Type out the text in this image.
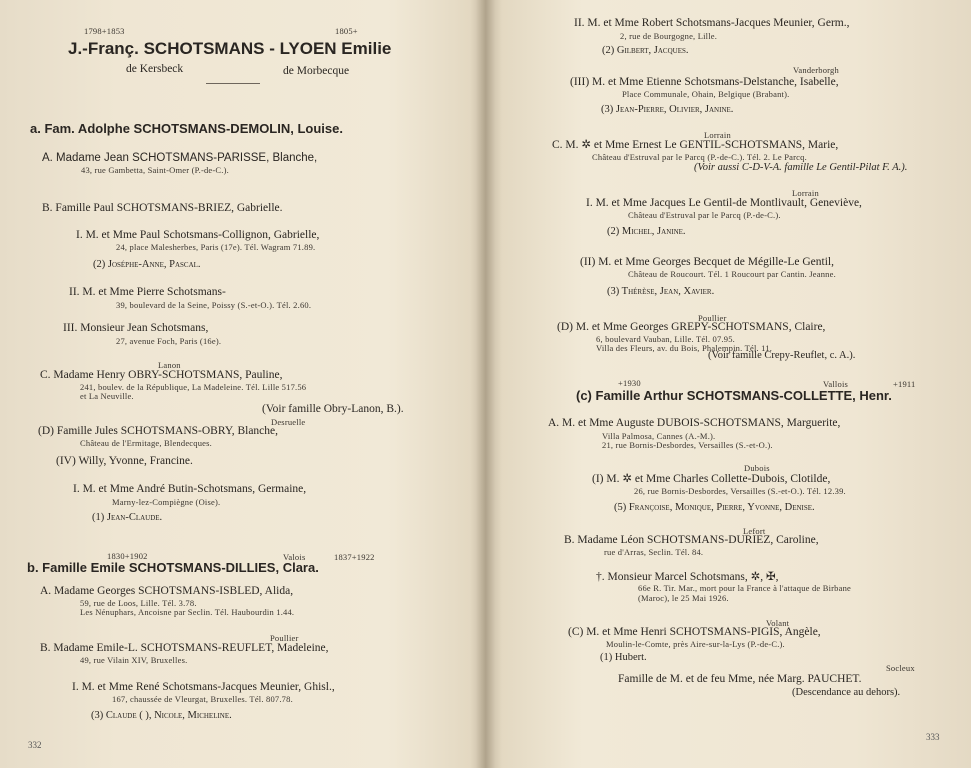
1798+1853	1805+
J.-Franç. SCHOTSMANS - LYOEN Emilie
de Kersbeck	de Morbecque
a. Fam. Adolphe SCHOTSMANS-DEMOLIN, Louise.
A. Madame Jean SCHOTSMANS-PARISSE, Blanche,
43, rue Gambetta, Saint-Omer (P.-de-C.).
B. Famille Paul SCHOTSMANS-BRIEZ, Gabrielle.
I. M. et Mme Paul Schotsmans-Collignon, Gabrielle,
24, place Malesherbes, Paris (17e). Tél. Wagram 71.89.
(2) Joséphe-Anne, Pascal.
II. M. et Mme Pierre Schotsmans-
39, boulevard de la Seine, Poissy (S.-et-O.). Tél. 2.60.
III. Monsieur Jean Schotsmans,
27, avenue Foch, Paris (16e).
Lanon
C. Madame Henry OBRY-SCHOTSMANS, Pauline,
241, boulev. de la République, La Madeleine. Tél. Lille 517.56
et La Neuville.
(Voir famille Obry-Lanon, B.).
Desruelle
(D) Famille Jules SCHOTSMANS-OBRY, Blanche,
Château de l'Ermitage, Blendecques.
(IV) Willy, Yvonne, Francine.
I. M. et Mme André Butin-Schotsmans, Germaine,
Marny-lez-Compiègne (Oise).
(1) Jean-Claude.
1830+1902	Valois	1837+1922
b. Famille Emile SCHOTSMANS-DILLIES, Clara.
A. Madame Georges SCHOTSMANS-ISBLED, Alida,
59, rue de Loos, Lille. Tél. 3.78.
Les Nénuphars, Ancoisne par Seclin. Tél. Haubourdin 1.44.
Poullier
B. Madame Emile-L. SCHOTSMANS-REUFLET, Madeleine,
49, rue Vilain XIV, Bruxelles.
I. M. et Mme René Schotsmans-Jacques Meunier, Ghisl.,
167, chaussée de Vleurgat, Bruxelles. Tél. 807.78.
(3) Claude ( ), Nicole, Micheline.
332
II. M. et Mme Robert Schotsmans-Jacques Meunier, Germ.,
2, rue de Bourgogne, Lille.
(2) Gilbert, Jacques.
Vanderborgh
(III) M. et Mme Etienne Schotsmans-Delstanche, Isabelle,
Place Communale, Ohain, Belgique (Brabant).
(3) Jean-Pierre, Olivier, Janine.
Lorrain
C. M. ✲ et Mme Ernest Le GENTIL-SCHOTSMANS, Marie,
Château d'Estruval par le Parcq (P.-de-C.). Tél. 2. Le Parcq.
(Voir aussi C-D-V-A. famille Le Gentil-Pilat F. A.).
Lorrain
I. M. et Mme Jacques Le Gentil-de Montlivault, Geneviève,
Château d'Estruval par le Parcq (P.-de-C.).
(2) Michel, Janine.
(II) M. et Mme Georges Becquet de Mégille-Le Gentil,
Château de Roucourt. Tél. 1 Roucourt par Cantin. Jeanne.
(3) Thérèse, Jean, Xavier.
Poullier
(D) M. et Mme Georges GREPY-SCHOTSMANS, Claire,
6, boulevard Vauban, Lille. Tél. 07.95.
Villa des Fleurs, av. du Bois, Phalempin. Tél. 11.
(Voir famille Crepy-Reuflet, c. A.).
+1930	Vallois	+1911
(c) Famille Arthur SCHOTSMANS-COLLETTE, Henr.
A. M. et Mme Auguste DUBOIS-SCHOTSMANS, Marguerite,
Villa Palmosa, Cannes (A.-M.).
21, rue Bornis-Desbordes, Versailles (S.-et-O.).
Dubois
(I) M. ✲ et Mme Charles Collette-Dubois, Clotilde,
26, rue Bornis-Desbordes, Versailles (S.-et-O.). Tél. 12.39.
(5) Françoise, Monique, Pierre, Yvonne, Denise.
Lefort
B. Madame Léon SCHOTSMANS-DURIEZ, Caroline,
rue d'Arras, Seclin. Tél. 84.
†. Monsieur Marcel Schotsmans, ✲, ✠,
66e R. Tir. Mar., mort pour la France à l'attaque de Birbane
(Maroc), le 25 Mai 1926.
Volant
(C) M. et Mme Henri SCHOTSMANS-PIGIS, Angèle,
Moulin-le-Comte, près Aire-sur-la-Lys (P.-de-C.).
(1) Hubert.
Socleux
Famille de M. et de feu Mme, née Marg. PAUCHET.
(Descendance au dehors).
333
